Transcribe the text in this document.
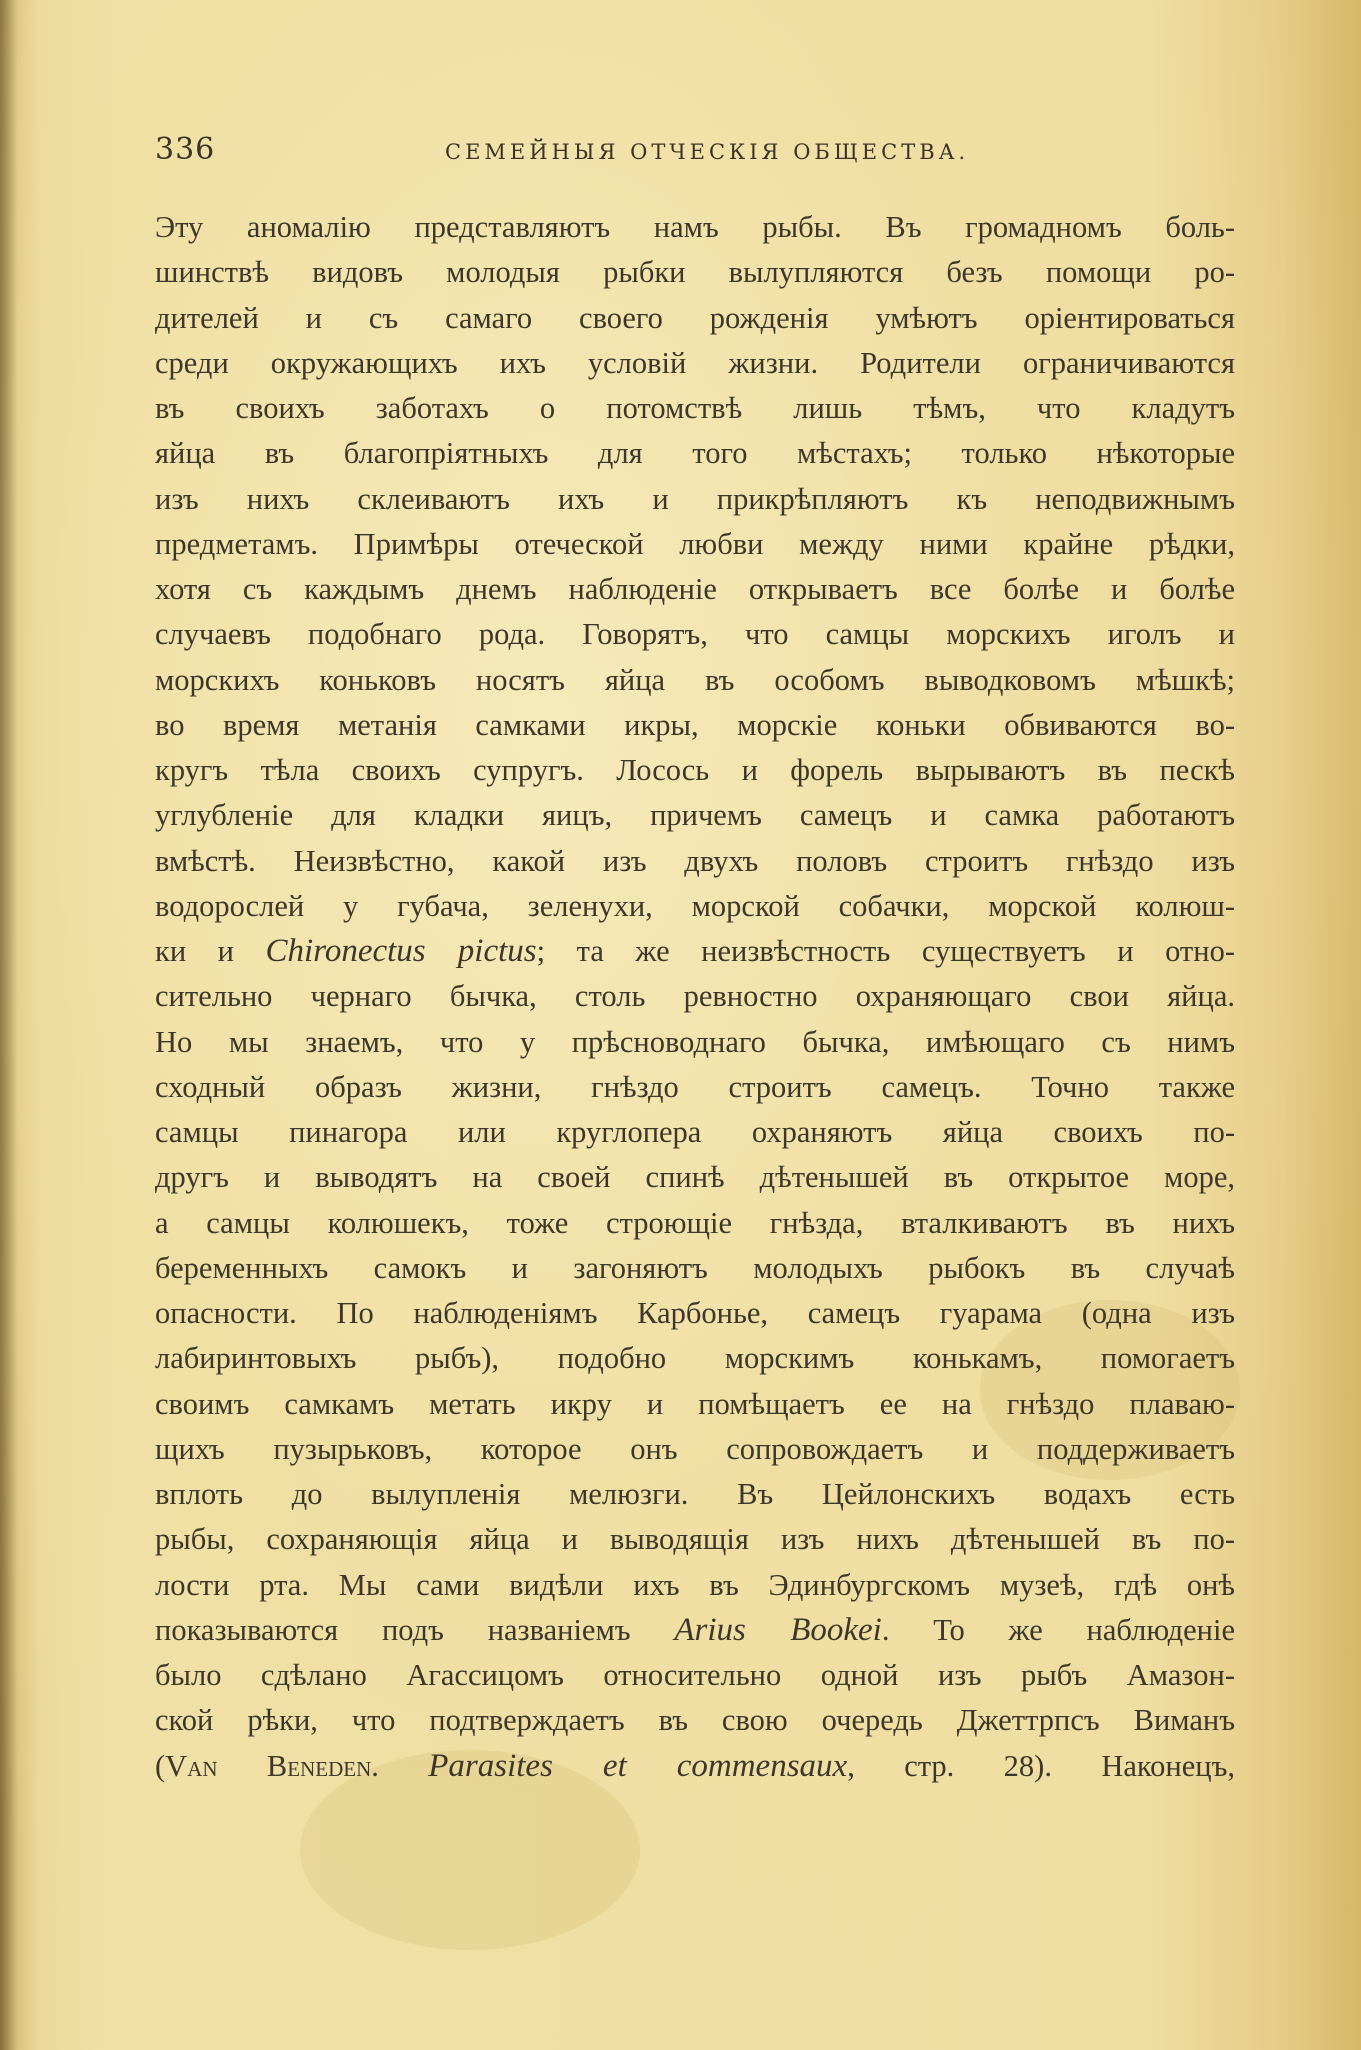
336	СЕМЕЙНЫЯ ОТЧЕСКIЯ ОБЩЕСТВА.
Эту аномалію представляютъ намъ рыбы. Въ громадномъ боль-
шинствѣ видовъ молодыя рыбки вылупляются безъ помощи ро-
дителей и съ самаго своего рожденія умѣютъ оріентироваться
среди окружающихъ ихъ условій жизни. Родители ограничиваются
въ своихъ заботахъ о потомствѣ лишь тѣмъ, что кладутъ
яйца въ благопріятныхъ для того мѣстахъ; только нѣкоторые
изъ нихъ склеиваютъ ихъ и прикрѣпляютъ къ неподвижнымъ
предметамъ. Примѣры отеческой любви между ними крайне рѣдки,
хотя съ каждымъ днемъ наблюденіе открываетъ все болѣе и болѣе
случаевъ подобнаго рода. Говорятъ, что самцы морскихъ иголъ и
морскихъ коньковъ носятъ яйца въ особомъ выводковомъ мѣшкѣ;
во время метанія самками икры, морскіе коньки обвиваются во-
кругъ тѣла своихъ супругъ. Лосось и форель вырываютъ въ пескѣ
углубленіе для кладки яицъ, причемъ самецъ и самка работаютъ
вмѣстѣ. Неизвѣстно, какой изъ двухъ половъ строитъ гнѣздо изъ
водорослей у губача, зеленухи, морской собачки, морской колюш-
ки и Chironectus pictus; та же неизвѣстность существуетъ и отно-
сительно чернаго бычка, столь ревностно охраняющаго свои яйца.
Но мы знаемъ, что у прѣсноводнаго бычка, имѣющаго съ нимъ
сходный образъ жизни, гнѣздо строитъ самецъ. Точно также
самцы пинагора или круглопера охраняютъ яйца своихъ по-
другъ и выводятъ на своей спинѣ дѣтенышей въ открытое море,
а самцы колюшекъ, тоже строющіе гнѣзда, вталкиваютъ въ нихъ
беременныхъ самокъ и загоняютъ молодыхъ рыбокъ въ случаѣ
опасности. По наблюденіямъ Карбонье, самецъ гуарама (одна изъ
лабиринтовыхъ рыбъ), подобно морскимъ конькамъ, помогаетъ
своимъ самкамъ метать икру и помѣщаетъ ее на гнѣздо плаваю-
щихъ пузырьковъ, которое онъ сопровождаетъ и поддерживаетъ
вплоть до вылупленія мелюзги. Въ Цейлонскихъ водахъ есть
рыбы, сохраняющія яйца и выводящія изъ нихъ дѣтенышей въ по-
лости рта. Мы сами видѣли ихъ въ Эдинбургскомъ музеѣ, гдѣ онѣ
показываются подъ названіемъ Arius Bookei. То же наблюденіе
было сдѣлано Агассицомъ относительно одной изъ рыбъ Амазон-
ской рѣки, что подтверждаетъ въ свою очередь Джеттрпсъ Виманъ
(Van Beneden. Parasites et commensaux, стр. 28). Наконецъ,
